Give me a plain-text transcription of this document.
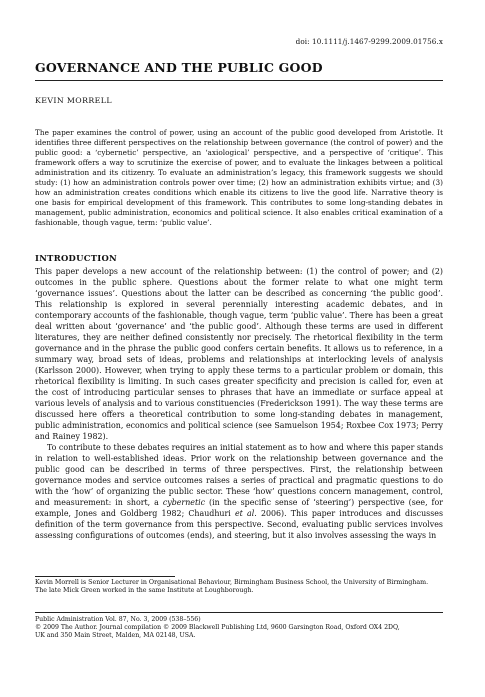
doi: 10.1111/j.1467-9299.2009.01756.x
GOVERNANCE AND THE PUBLIC GOOD
KEVIN MORRELL

The paper examines the control of power, using an account of the public good developed from Aristotle. It identifies three different perspectives on the relationship between governance (the control of power) and the public good: a ‘cybernetic’ perspective, an ‘axiological’ perspective, and a perspective of ‘critique’. This framework offers a way to scrutinize the exercise of power, and to evaluate the linkages between a political administration and its citizenry. To evaluate an administration’s legacy, this framework suggests we should study: (1) how an administration controls power over time; (2) how an administration exhibits virtue; and (3) how an administration creates conditions which enable its citizens to live the good life. Narrative theory is one basis for empirical development of this framework. This contributes to some long-standing debates in management, public administration, economics and political science. It also enables critical examination of a fashionable, though vague, term: ‘public value’.

INTRODUCTION

This paper develops a new account of the relationship between: (1) the control of power; and (2) outcomes in the public sphere. Questions about the former relate to what one might term ‘governance issues’. Questions about the latter can be described as concerning ‘the public good’. This relationship is explored in several perennially interesting academic debates, and in contemporary accounts of the fashionable, though vague, term ‘public value’. There has been a great deal written about ‘governance’ and ‘the public good’. Although these terms are used in different literatures, they are neither defined consistently nor precisely. The rhetorical flexibility in the term governance and in the phrase the public good confers certain benefits. It allows us to reference, in a summary way, broad sets of ideas, problems and relationships at interlocking levels of analysis (Karlsson 2000). However, when trying to apply these terms to a particular problem or domain, this rhetorical flexibility is limiting. In such cases greater specificity and precision is called for, even at the cost of introducing particular senses to phrases that have an immediate or surface appeal at various levels of analysis and to various constituencies (Frederickson 1991). The way these terms are discussed here offers a theoretical contribution to some long-standing debates in management, public administration, economics and political science (see Samuelson 1954; Roxbee Cox 1973; Perry and Rainey 1982).

To contribute to these debates requires an initial statement as to how and where this paper stands in relation to well-established ideas. Prior work on the relationship between governance and the public good can be described in terms of three perspectives. First, the relationship between governance modes and service outcomes raises a series of practical and pragmatic questions to do with the ‘how’ of organizing the public sector. These ‘how’ questions concern management, control, and measurement: in short, a cybernetic (in the specific sense of ‘steering’) perspective (see, for example, Jones and Goldberg 1982; Chaudhuri et al. 2006). This paper introduces and discusses definition of the term governance from this perspective. Second, evaluating public services involves assessing configurations of outcomes (ends), and steering, but it also involves assessing the ways in

Kevin Morrell is Senior Lecturer in Organisational Behaviour, Birmingham Business School, the University of Birmingham.

The late Mick Green worked in the same Institute at Loughborough.

Public Administration Vol. 87, No. 3, 2009 (538–556)

© 2009 The Author. Journal compilation © 2009 Blackwell Publishing Ltd, 9600 Garsington Road, Oxford OX4 2DQ,

UK and 350 Main Street, Malden, MA 02148, USA.
